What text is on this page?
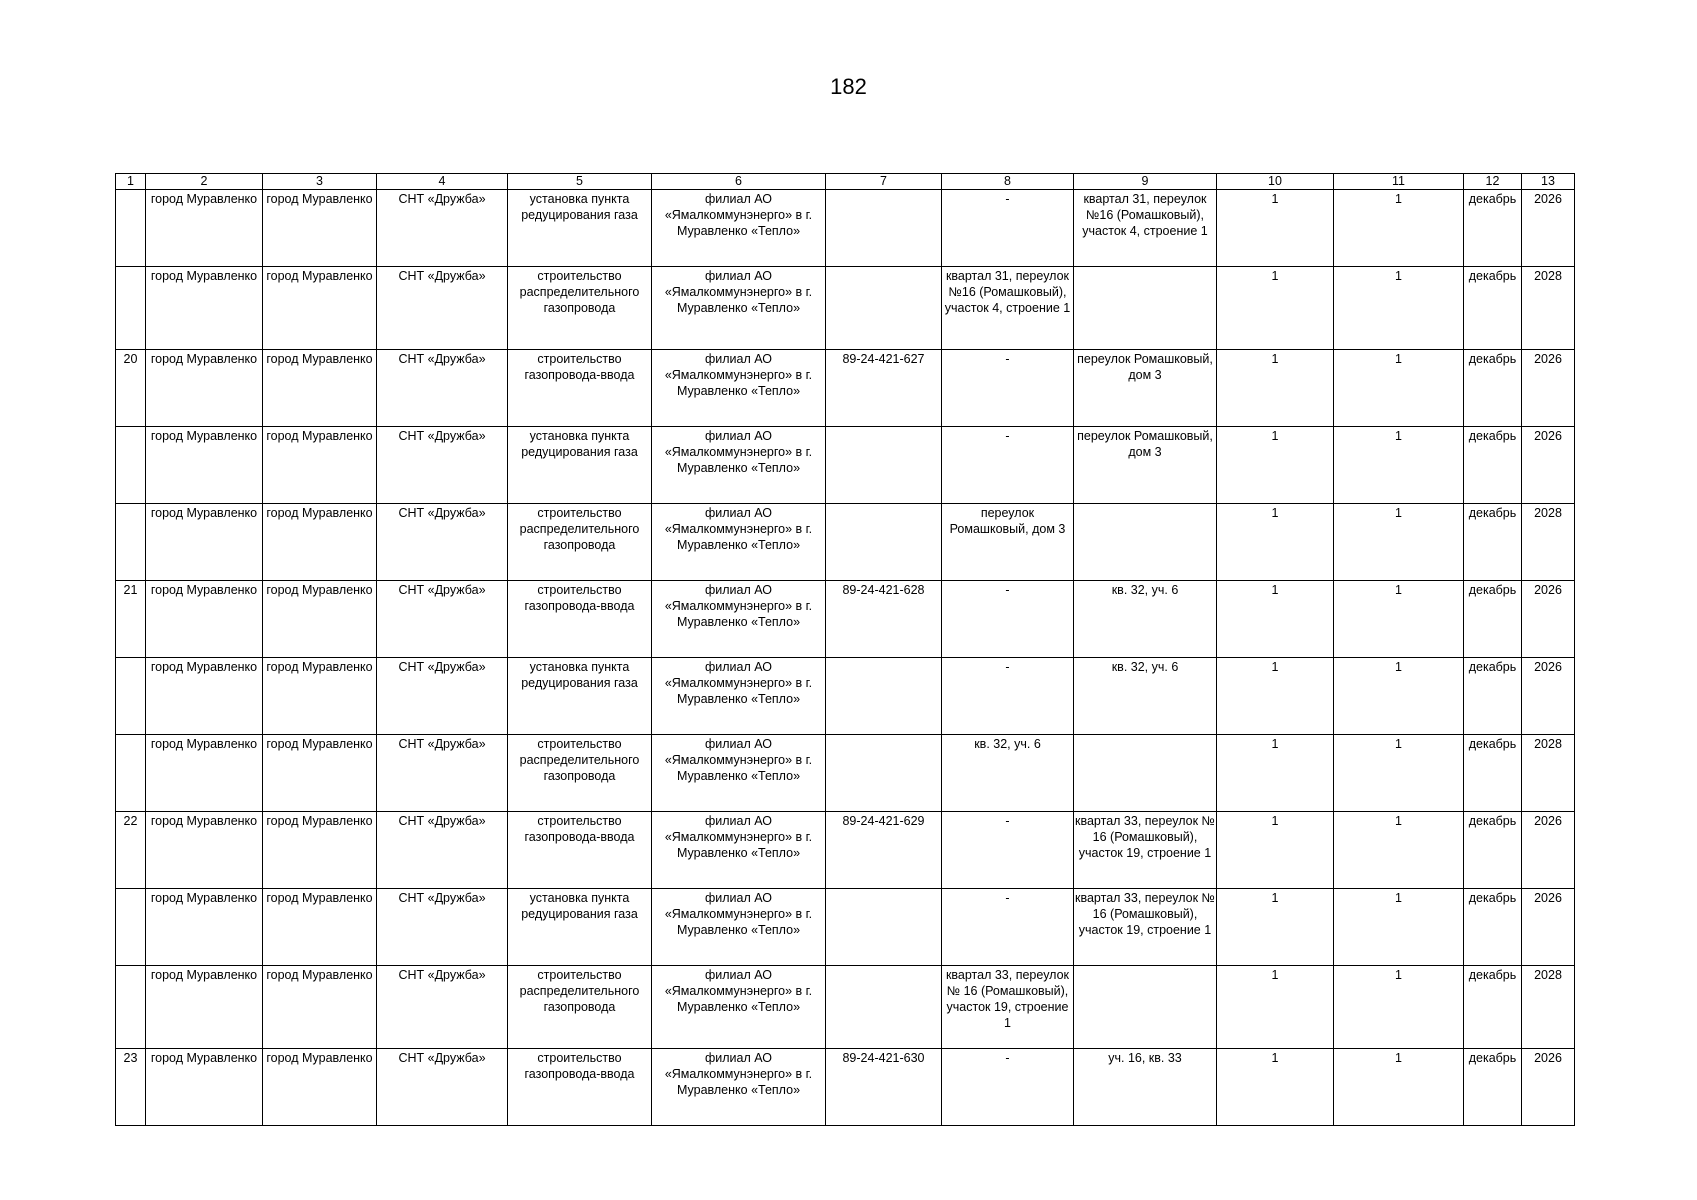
182
1	2	3	4	5	6	7	8	9	10	11	12	13
	город Муравленко	город Муравленко	СНТ «Дружба»	установка пункта редуцирования газа	филиал АО «Ямалкоммунэнерго» в г. Муравленко «Тепло»		-	квартал 31, переулок №16 (Ромашковый), участок 4, строение 1	1	1	декабрь	2026
	город Муравленко	город Муравленко	СНТ «Дружба»	строительство распределительного газопровода	филиал АО «Ямалкоммунэнерго» в г. Муравленко «Тепло»		квартал 31, переулок №16 (Ромашковый), участок 4, строение 1		1	1	декабрь	2028
20	город Муравленко	город Муравленко	СНТ «Дружба»	строительство газопровода-ввода	филиал АО «Ямалкоммунэнерго» в г. Муравленко «Тепло»	89-24-421-627	-	переулок Ромашковый, дом 3	1	1	декабрь	2026
	город Муравленко	город Муравленко	СНТ «Дружба»	установка пункта редуцирования газа	филиал АО «Ямалкоммунэнерго» в г. Муравленко «Тепло»		-	переулок Ромашковый, дом 3	1	1	декабрь	2026
	город Муравленко	город Муравленко	СНТ «Дружба»	строительство распределительного газопровода	филиал АО «Ямалкоммунэнерго» в г. Муравленко «Тепло»		переулок Ромашковый, дом 3		1	1	декабрь	2028
21	город Муравленко	город Муравленко	СНТ «Дружба»	строительство газопровода-ввода	филиал АО «Ямалкоммунэнерго» в г. Муравленко «Тепло»	89-24-421-628	-	кв. 32, уч. 6	1	1	декабрь	2026
	город Муравленко	город Муравленко	СНТ «Дружба»	установка пункта редуцирования газа	филиал АО «Ямалкоммунэнерго» в г. Муравленко «Тепло»		-	кв. 32, уч. 6	1	1	декабрь	2026
	город Муравленко	город Муравленко	СНТ «Дружба»	строительство распределительного газопровода	филиал АО «Ямалкоммунэнерго» в г. Муравленко «Тепло»		кв. 32, уч. 6		1	1	декабрь	2028
22	город Муравленко	город Муравленко	СНТ «Дружба»	строительство газопровода-ввода	филиал АО «Ямалкоммунэнерго» в г. Муравленко «Тепло»	89-24-421-629	-	квартал 33, переулок № 16 (Ромашковый), участок 19, строение 1	1	1	декабрь	2026
	город Муравленко	город Муравленко	СНТ «Дружба»	установка пункта редуцирования газа	филиал АО «Ямалкоммунэнерго» в г. Муравленко «Тепло»		-	квартал 33, переулок № 16 (Ромашковый), участок 19, строение 1	1	1	декабрь	2026
	город Муравленко	город Муравленко	СНТ «Дружба»	строительство распределительного газопровода	филиал АО «Ямалкоммунэнерго» в г. Муравленко «Тепло»		квартал 33, переулок № 16 (Ромашковый), участок 19, строение 1		1	1	декабрь	2028
23	город Муравленко	город Муравленко	СНТ «Дружба»	строительство газопровода-ввода	филиал АО «Ямалкоммунэнерго» в г. Муравленко «Тепло»	89-24-421-630	-	уч. 16, кв. 33	1	1	декабрь	2026
